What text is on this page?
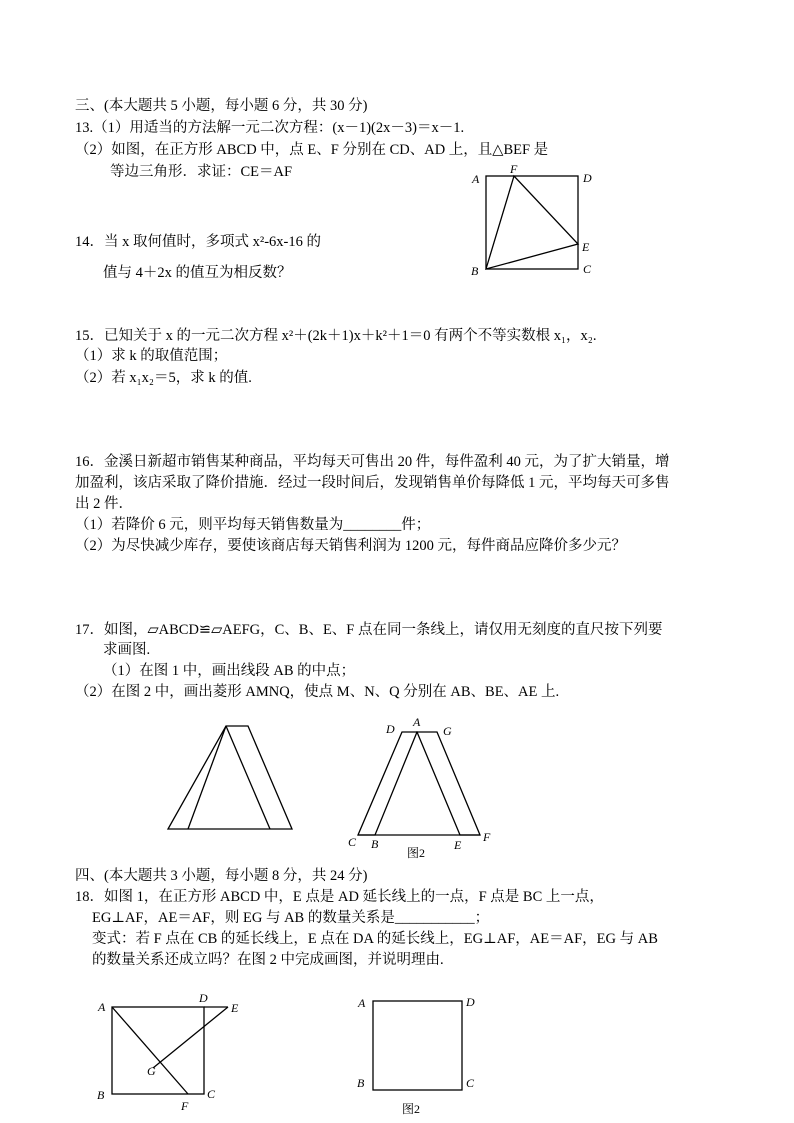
三、(本大题共 5 小题，每小题 6 分，共 30 分)
13.（1）用适当的方法解一元二次方程：(x－1)(2x－3)＝x－1.
（2）如图，在正方形 ABCD 中，点 E、F 分别在 CD、AD 上，且△BEF 是
等边三角形．求证：CE＝AF	A
F
D
E
B	C
14．当 x 取何值时，多项式 x²-6x-16 的
值与 4＋2x 的值互为相反数？
15．已知关于 x 的一元二次方程 x²＋(2k＋1)x＋k²＋1＝0 有两个不等实数根 x₁，x₂.
（1）求 k 的取值范围；
（2）若 x₁x₂＝5，求 k 的值.
16．金溪日新超市销售某种商品，平均每天可售出 20 件，每件盈利 40 元，为了扩大销量，增
加盈利，该店采取了降价措施．经过一段时间后，发现销售单价每降低 1 元，平均每天可多售
出 2 件．
（1）若降价 6 元，则平均每天销售数量为________件；
（2）为尽快减少库存，要使该商店每天销售利润为 1200 元，每件商品应降价多少元？
17．如图，▱ABCD≌▱AEFG，C、B、E、F 点在同一条线上，请仅用无刻度的直尺按下列要
求画图.
（1）在图 1 中，画出线段 AB 的中点；
（2）在图 2 中，画出菱形 AMNQ，使点 M、N、Q 分别在 AB、BE、AE 上.
D A
G
C B	E
F
图2
四、(本大题共 3 小题，每小题 8 分，共 24 分)
18．如图 1，在正方形 ABCD 中，E 点是 AD 延长线上的一点，F 点是 BC 上一点，
EG⊥AF，AE＝AF，则 EG 与 AB 的数量关系是___________；
变式：若 F 点在 CB 的延长线上，E 点在 DA 的延长线上，EG⊥AF，AE＝AF，EG 与 AB
的数量关系还成立吗？在图 2 中完成画图，并说明理由.
A
D
E
G
B
F
C
A	D
B	C
图2
